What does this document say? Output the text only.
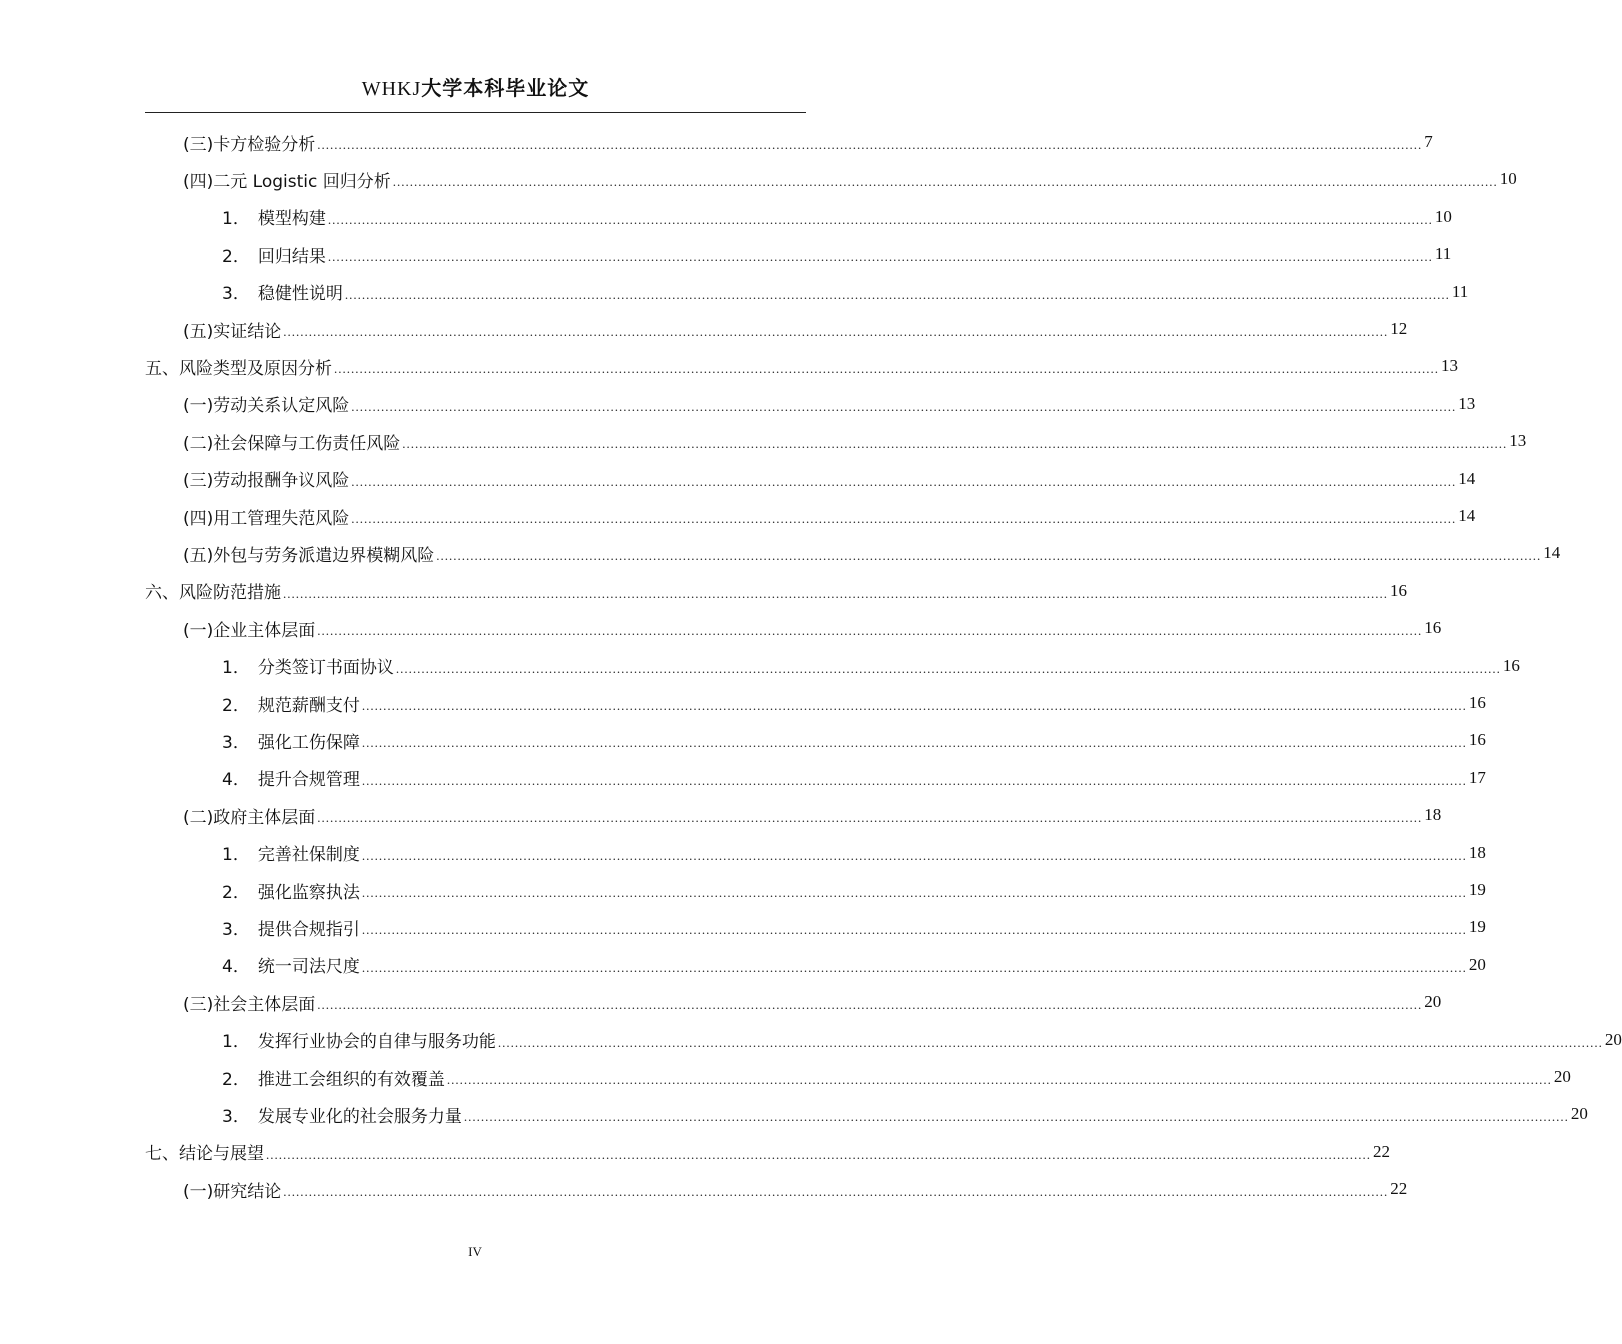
WHKJ大学本科毕业论文
(三)卡方检验分析 .................................................................................................................................................................................................................................................................... 7
(四)二元 Logistic 回归分析 .................................................................................................................................................................................................................................................................... 10
1． 模型构建 .................................................................................................................................................................................................................................................................... 10
2． 回归结果 .................................................................................................................................................................................................................................................................... 11
3． 稳健性说明 .................................................................................................................................................................................................................................................................... 11
(五)实证结论 .................................................................................................................................................................................................................................................................... 12
五、风险类型及原因分析 .................................................................................................................................................................................................................................................................... 13
(一)劳动关系认定风险 .................................................................................................................................................................................................................................................................... 13
(二)社会保障与工伤责任风险 .................................................................................................................................................................................................................................................................... 13
(三)劳动报酬争议风险 .................................................................................................................................................................................................................................................................... 14
(四)用工管理失范风险 .................................................................................................................................................................................................................................................................... 14
(五)外包与劳务派遣边界模糊风险 .................................................................................................................................................................................................................................................................... 14
六、风险防范措施 .................................................................................................................................................................................................................................................................... 16
(一)企业主体层面 .................................................................................................................................................................................................................................................................... 16
1． 分类签订书面协议 .................................................................................................................................................................................................................................................................... 16
2． 规范薪酬支付 .................................................................................................................................................................................................................................................................... 16
3． 强化工伤保障 .................................................................................................................................................................................................................................................................... 16
4． 提升合规管理 .................................................................................................................................................................................................................................................................... 17
(二)政府主体层面 .................................................................................................................................................................................................................................................................... 18
1． 完善社保制度 .................................................................................................................................................................................................................................................................... 18
2． 强化监察执法 .................................................................................................................................................................................................................................................................... 19
3． 提供合规指引 .................................................................................................................................................................................................................................................................... 19
4． 统一司法尺度 .................................................................................................................................................................................................................................................................... 20
(三)社会主体层面 .................................................................................................................................................................................................................................................................... 20
1． 发挥行业协会的自律与服务功能 .................................................................................................................................................................................................................................................................... 20
2． 推进工会组织的有效覆盖 .................................................................................................................................................................................................................................................................... 20
3． 发展专业化的社会服务力量 .................................................................................................................................................................................................................................................................... 20
七、结论与展望 .................................................................................................................................................................................................................................................................... 22
(一)研究结论 .................................................................................................................................................................................................................................................................... 22
IV
